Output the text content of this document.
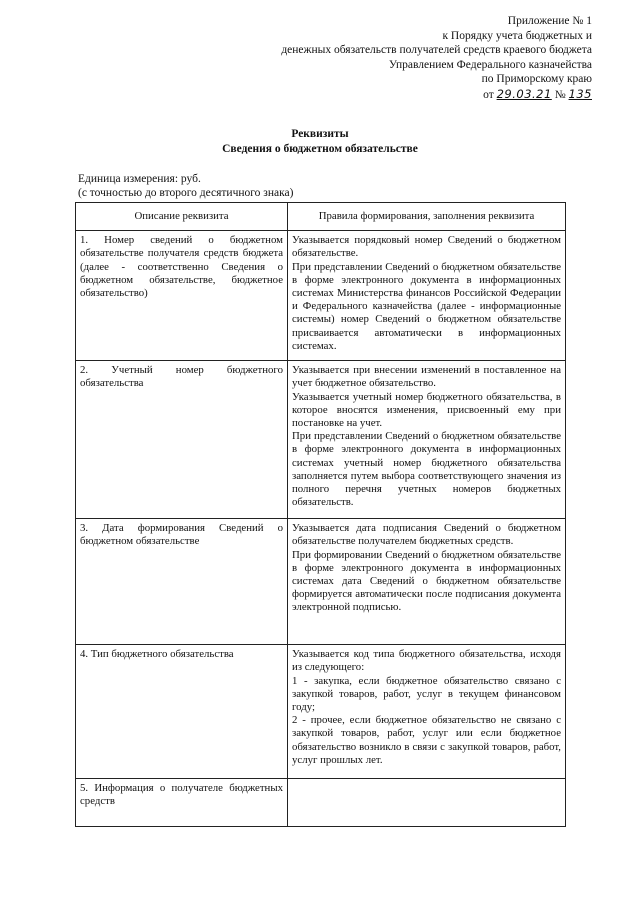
Приложение № 1
к Порядку учета бюджетных и
денежных обязательств получателей средств краевого бюджета
Управлением Федерального казначейства
по Приморскому краю
от 29.03.21 № 135
Реквизиты
Сведения о бюджетном обязательстве
Единица измерения: руб.
(с точностью до второго десятичного знака)
Описание реквизита	Правила формирования, заполнения реквизита
1. Номер сведений о бюджетном обязательстве получателя средств бюджета (далее - соответственно Сведения о бюджетном обязательстве, бюджетное обязательство)	Указывается порядковый номер Сведений о бюджетном обязательстве.

При представлении Сведений о бюджетном обязательстве в форме электронного документа в информационных системах Министерства финансов Российской Федерации и Федерального казначейства (далее - информационные системы) номер Сведений о бюджетном обязательстве присваивается автоматически в информационных системах.

2. Учетный номер бюджетного обязательства	Указывается при внесении изменений в поставленное на учет бюджетное обязательство.

Указывается учетный номер бюджетного обязательства, в которое вносятся изменения, присвоенный ему при постановке на учет.

При представлении Сведений о бюджетном обязательстве в форме электронного документа в информационных системах учетный номер бюджетного обязательства заполняется путем выбора соответствующего значения из полного перечня учетных номеров бюджетных обязательств.

3. Дата формирования Сведений о бюджетном обязательстве	Указывается дата подписания Сведений о бюджетном обязательстве получателем бюджетных средств.

При формировании Сведений о бюджетном обязательстве в форме электронного документа в информационных системах дата Сведений о бюджетном обязательстве формируется автоматически после подписания документа электронной подписью.

4. Тип бюджетного обязательства	Указывается код типа бюджетного обязательства, исходя из следующего:

1 - закупка, если бюджетное обязательство связано с закупкой товаров, работ, услуг в текущем финансовом году;

2 - прочее, если бюджетное обязательство не связано с закупкой товаров, работ, услуг или если бюджетное обязательство возникло в связи с закупкой товаров, работ, услуг прошлых лет.

5. Информация о получателе бюджетных средств	
